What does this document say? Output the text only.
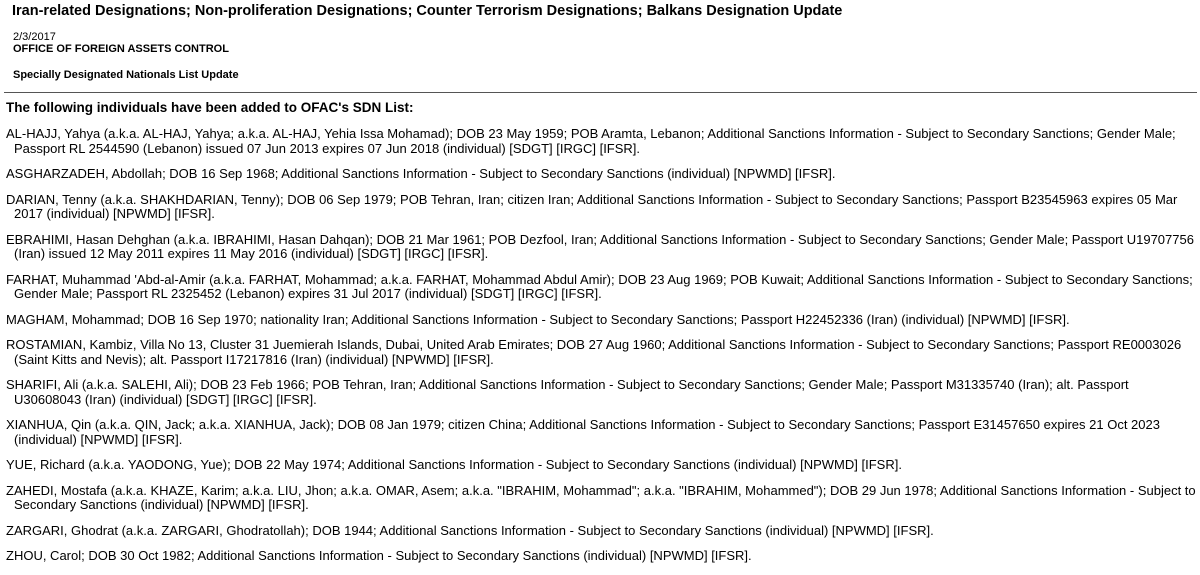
Iran-related Designations; Non-proliferation Designations; Counter Terrorism Designations; Balkans Designation Update
2/3/2017
OFFICE OF FOREIGN ASSETS CONTROL
Specially Designated Nationals List Update
The following individuals have been added to OFAC's SDN List:

AL-HAJJ, Yahya (a.k.a. AL-HAJ, Yahya; a.k.a. AL-HAJ, Yehia Issa Mohamad); DOB 23 May 1959; POB Aramta, Lebanon; Additional Sanctions Information - Subject to Secondary Sanctions; Gender Male; Passport RL 2544590 (Lebanon) issued 07 Jun 2013 expires 07 Jun 2018 (individual) [SDGT] [IRGC] [IFSR].

ASGHARZADEH, Abdollah; DOB 16 Sep 1968; Additional Sanctions Information - Subject to Secondary Sanctions (individual) [NPWMD] [IFSR].

DARIAN, Tenny (a.k.a. SHAKHDARIAN, Tenny); DOB 06 Sep 1979; POB Tehran, Iran; citizen Iran; Additional Sanctions Information - Subject to Secondary Sanctions; Passport B23545963 expires 05 Mar 2017 (individual) [NPWMD] [IFSR].

EBRAHIMI, Hasan Dehghan (a.k.a. IBRAHIMI, Hasan Dahqan); DOB 21 Mar 1961; POB Dezfool, Iran; Additional Sanctions Information - Subject to Secondary Sanctions; Gender Male; Passport U19707756 (Iran) issued 12 May 2011 expires 11 May 2016 (individual) [SDGT] [IRGC] [IFSR].

FARHAT, Muhammad 'Abd-al-Amir (a.k.a. FARHAT, Mohammad; a.k.a. FARHAT, Mohammad Abdul Amir); DOB 23 Aug 1969; POB Kuwait; Additional Sanctions Information - Subject to Secondary Sanctions; Gender Male; Passport RL 2325452 (Lebanon) expires 31 Jul 2017 (individual) [SDGT] [IRGC] [IFSR].

MAGHAM, Mohammad; DOB 16 Sep 1970; nationality Iran; Additional Sanctions Information - Subject to Secondary Sanctions; Passport H22452336 (Iran) (individual) [NPWMD] [IFSR].

ROSTAMIAN, Kambiz, Villa No 13, Cluster 31 Juemierah Islands, Dubai, United Arab Emirates; DOB 27 Aug 1960; Additional Sanctions Information - Subject to Secondary Sanctions; Passport RE0003026 (Saint Kitts and Nevis); alt. Passport I17217816 (Iran) (individual) [NPWMD] [IFSR].

SHARIFI, Ali (a.k.a. SALEHI, Ali); DOB 23 Feb 1966; POB Tehran, Iran; Additional Sanctions Information - Subject to Secondary Sanctions; Gender Male; Passport M31335740 (Iran); alt. Passport U30608043 (Iran) (individual) [SDGT] [IRGC] [IFSR].

XIANHUA, Qin (a.k.a. QIN, Jack; a.k.a. XIANHUA, Jack); DOB 08 Jan 1979; citizen China; Additional Sanctions Information - Subject to Secondary Sanctions; Passport E31457650 expires 21 Oct 2023 (individual) [NPWMD] [IFSR].

YUE, Richard (a.k.a. YAODONG, Yue); DOB 22 May 1974; Additional Sanctions Information - Subject to Secondary Sanctions (individual) [NPWMD] [IFSR].

ZAHEDI, Mostafa (a.k.a. KHAZE, Karim; a.k.a. LIU, Jhon; a.k.a. OMAR, Asem; a.k.a. "IBRAHIM, Mohammad"; a.k.a. "IBRAHIM, Mohammed"); DOB 29 Jun 1978; Additional Sanctions Information - Subject to Secondary Sanctions (individual) [NPWMD] [IFSR].

ZARGARI, Ghodrat (a.k.a. ZARGARI, Ghodratollah); DOB 1944; Additional Sanctions Information - Subject to Secondary Sanctions (individual) [NPWMD] [IFSR].

ZHOU, Carol; DOB 30 Oct 1982; Additional Sanctions Information - Subject to Secondary Sanctions (individual) [NPWMD] [IFSR].
